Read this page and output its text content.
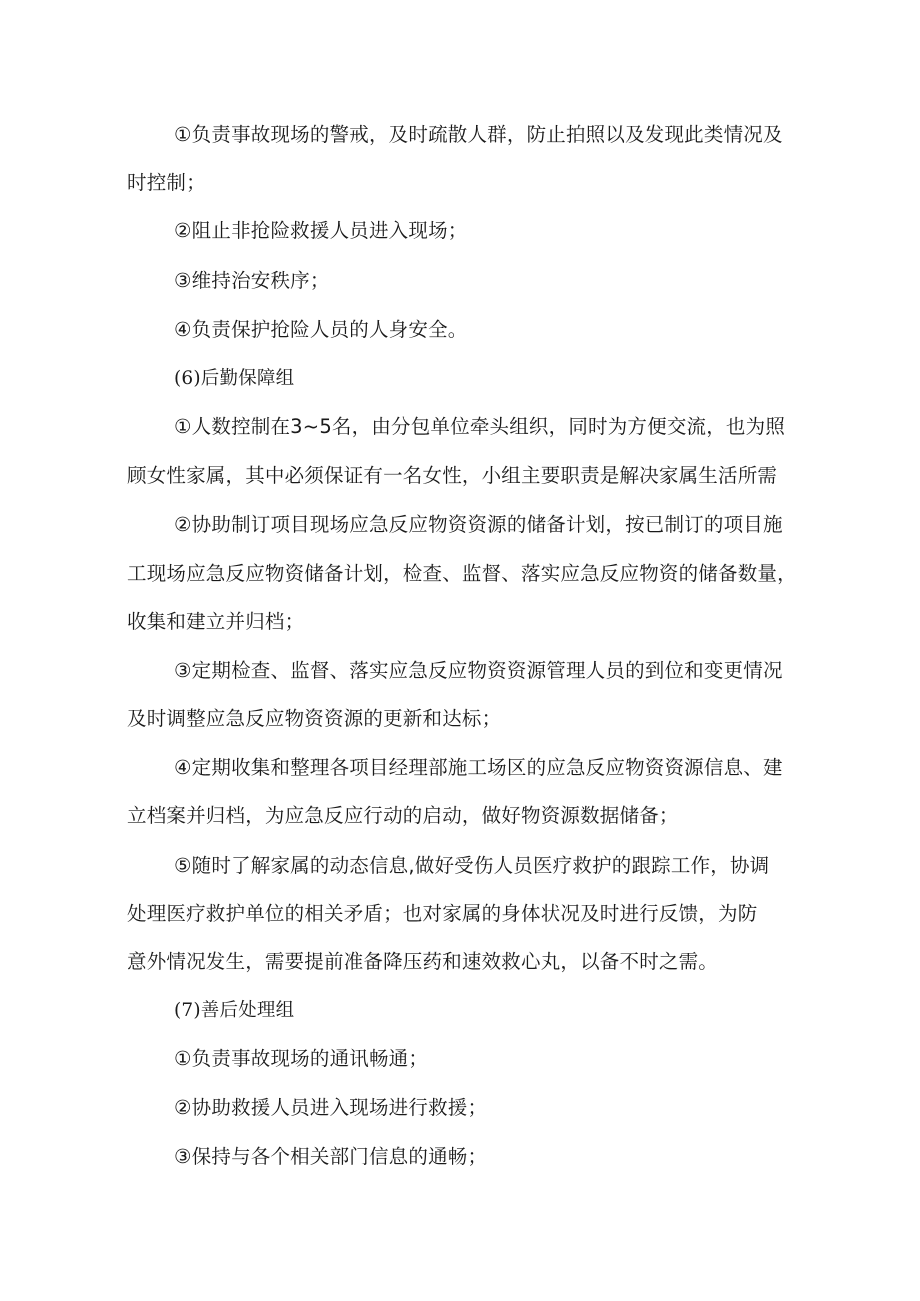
①负责事故现场的警戒，及时疏散人群，防止拍照以及发现此类情况及

时控制；

②阻止非抢险救援人员进入现场；

③维持治安秩序；

④负责保护抢险人员的人身安全。

(6)后勤保障组

①人数控制在3~5名，由分包单位牵头组织，同时为方便交流，也为照

顾女性家属，其中必须保证有一名女性，小组主要职责是解决家属生活所需

②协助制订项目现场应急反应物资资源的储备计划，按已制订的项目施

工现场应急反应物资储备计划，检查、监督、落实应急反应物资的储备数量，

收集和建立并归档；

③定期检查、监督、落实应急反应物资资源管理人员的到位和变更情况

及时调整应急反应物资资源的更新和达标；

④定期收集和整理各项目经理部施工场区的应急反应物资资源信息、建

立档案并归档，为应急反应行动的启动，做好物资源数据储备；

⑤随时了解家属的动态信息,做好受伤人员医疗救护的跟踪工作，协调

处理医疗救护单位的相关矛盾；也对家属的身体状况及时进行反馈，为防

意外情况发生，需要提前准备降压药和速效救心丸，以备不时之需。

(7)善后处理组

①负责事故现场的通讯畅通；

②协助救援人员进入现场进行救援；

③保持与各个相关部门信息的通畅；
